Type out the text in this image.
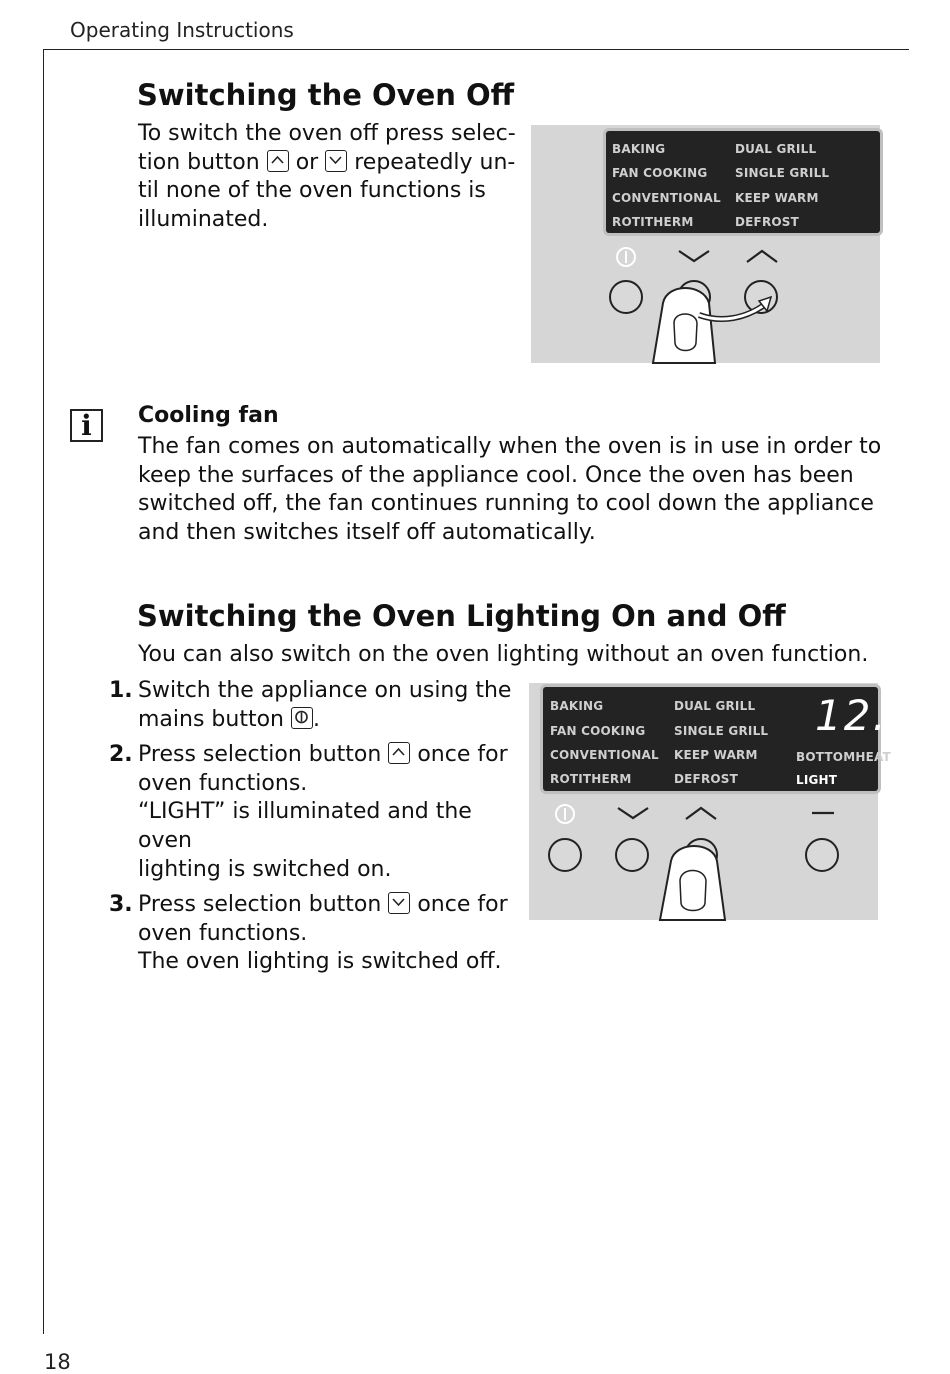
Operating Instructions
18
Switching the Oven Off
To switch the oven off press selec-
tion button or repeatedly un-
til none of the oven functions is
illuminated.
BAKING
FAN COOKING
CONVENTIONAL
ROTITHERM
DUAL GRILL
SINGLE GRILL
KEEP WARM
DEFROST
i Cooling fan
The fan comes on automatically when the oven is in use in order to
keep the surfaces of the appliance cool. Once the oven has been
switched off, the fan continues running to cool down the appliance
and then switches itself off automatically.
Switching the Oven Lighting On and Off
You can also switch on the oven lighting without an oven function.
1. Switch the appliance on using the
mains button .
2. Press selection button once for
oven functions.
“LIGHT” is illuminated and the oven
lighting is switched on.
3. Press selection button once for
oven functions.
The oven lighting is switched off.
BAKING
FAN COOKING
CONVENTIONAL
ROTITHERM
DUAL GRILL
SINGLE GRILL
KEEP WARM
DEFROST
BOTTOMHEAT
LIGHT
12.0
